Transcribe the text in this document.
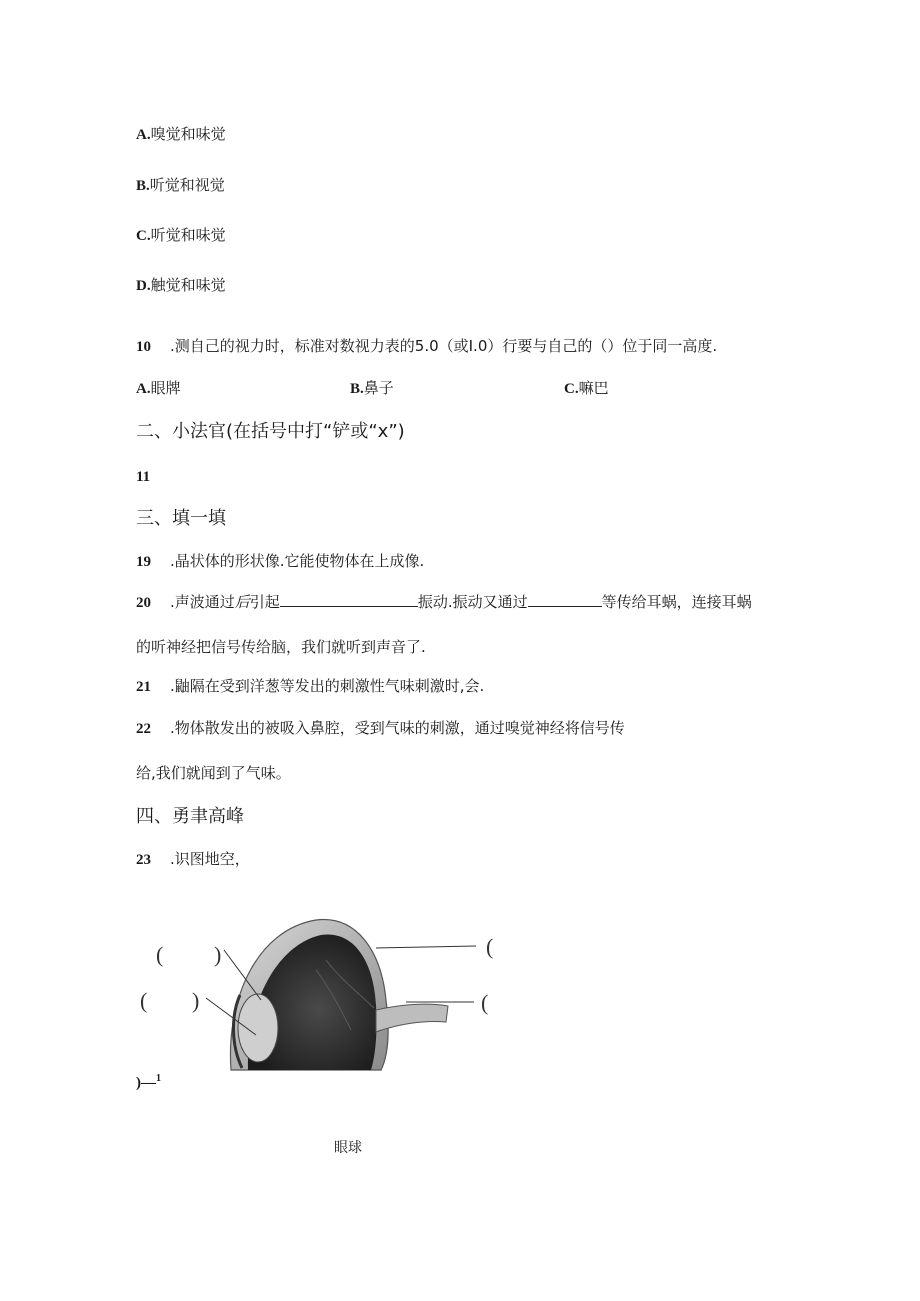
A.嗅觉和味觉
B.听觉和视觉
C.听觉和味觉
D.触觉和味觉
10 .测自己的视力时，标准对数视力表的5.0（或I.0）行要与自己的（）位于同一高度.
A.眼牌	B.鼻子	C.嘛巴
二、小法官(在括号中打“铲或“x”)
11
三、填一填
19 .晶状体的形状像.它能使物体在上成像.
20 .声波通过后引起	振动.振动又通过	等传给耳蜗，连接耳蜗
的听神经把信号传给脑，我们就听到声音了.
21 .鼬隔在受到洋葱等发出的刺激性气味刺激时,会.
22 .物体散发出的被吸入鼻腔，受到气味的刺激，通过嗅觉神经将信号传
给,我们就闻到了气味。
四、勇聿高峰
23 .识图地空，
( )
( )
(
(
)—$^1$
眼球
